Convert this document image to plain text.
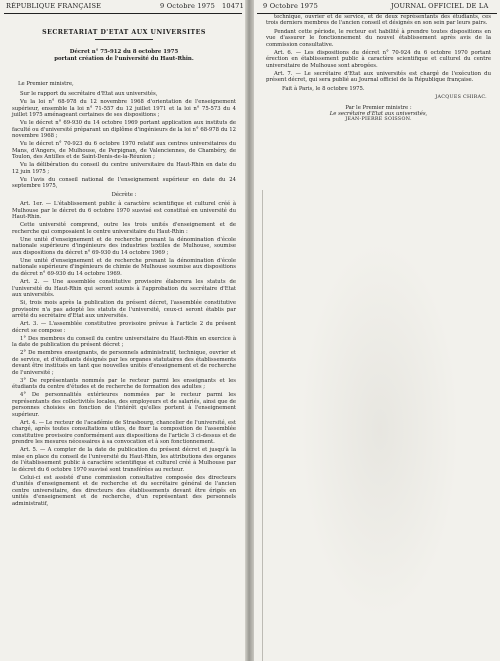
RÉPUBLIQUE FRANÇAISE	9 Octobre 1975 10471
SECRETARIAT D'ETAT AUX UNIVERSITES
Décret n° 75-912 du 8 octobre 1975
portant création de l'université du Haut-Rhin.

Le Premier ministre,

Sur le rapport du secrétaire d'Etat aux universités,

Vu la loi n° 68-978 du 12 novembre 1968 d'orientation de l'enseignement supérieur, ensemble la loi n° 71-557 du 12 juillet 1971 et la loi n° 75-573 du 4 juillet 1975 aménageant certaines de ses dispositions ;

Vu le décret n° 69-930 du 14 octobre 1969 portant application aux instituts de faculté ou d'université préparant un diplôme d'ingénieurs de la loi n° 68-978 du 12 novembre 1968 ;

Vu le décret n° 70-923 du 6 octobre 1970 relatif aux centres universitaires du Mans, d'Angers, de Mulhouse, de Perpignan, de Valenciennes, de Chambéry, de Toulon, des Antilles et de Saint-Denis-de-la-Réunion ;

Vu la délibération du conseil du centre universitaire du Haut-Rhin en date du 12 juin 1975 ;

Vu l'avis du conseil national de l'enseignement supérieur en date du 24 septembre 1975,

Décrète :

Art. 1er. — L'établissement public à caractère scientifique et culturel créé à Mulhouse par le décret du 6 octobre 1970 susvisé est constitué en université du Haut-Rhin.

Cette université comprend, outre les trois unités d'enseignement et de recherche qui composaient le centre universitaire du Haut-Rhin :

Une unité d'enseignement et de recherche prenant la dénomination d'école nationale supérieure d'ingénieurs des industries textiles de Mulhouse, soumise aux dispositions du décret n° 69-930 du 14 octobre 1969 ;

Une unité d'enseignement et de recherche prenant la dénomination d'école nationale supérieure d'ingénieurs de chimie de Mulhouse soumise aux dispositions du décret n° 69-930 du 14 octobre 1969.

Art. 2. — Une assemblée constitutive provisoire élaborera les statuts de l'université du Haut-Rhin qui seront soumis à l'approbation du secrétaire d'Etat aux universités.

Si, trois mois après la publication du présent décret, l'assemblée constitutive provisoire n'a pas adopté les statuts de l'université, ceux-ci seront établis par arrêté du secrétaire d'Etat aux universités.

Art. 3. — L'assemblée constitutive provisoire prévue à l'article 2 du présent décret se compose :

1° Des membres du conseil du centre universitaire du Haut-Rhin en exercice à la date de publication du présent décret ;

2° De membres enseignants, de personnels administratif, technique, ouvrier et de service, et d'étudiants désignés par les organes statutaires des établissements devant être institués en tant que nouvelles unités d'enseignement et de recherche de l'université ;

3° De représentants nommés par le recteur parmi les enseignants et les étudiants du centre d'études et de recherche de formation des adultes ;

4° De personnalités extérieures nommées par le recteur parmi les représentants des collectivités locales, des employeurs et de salariés, ainsi que de personnes choisies en fonction de l'intérêt qu'elles portent à l'enseignement supérieur.

Art. 4. — Le recteur de l'académie de Strasbourg, chancelier de l'université, est chargé, après toutes consultations utiles, de fixer la composition de l'assemblée constitutive provisoire conformément aux dispositions de l'article 3 ci-dessus et de prendre les mesures nécessaires à sa convocation et à son fonctionnement.

Art. 5. — A compter de la date de publication du présent décret et jusqu'à la mise en place du conseil de l'université du Haut-Rhin, les attributions des organes de l'établissement public à caractère scientifique et culturel créé à Mulhouse par le décret du 6 octobre 1970 susvisé sont transférées au recteur.

Celui-ci est assisté d'une commission consultative composée des directeurs d'unités d'enseignement et de recherche et du secrétaire général de l'ancien centre universitaire, des directeurs des établissements devant être érigés en unités d'enseignement et de recherche, d'un représentant des personnels administratif,

9 Octobre 1975	JOURNAL OFFICIEL DE LA

technique, ouvrier et de service, et de deux représentants des étudiants, ces trois derniers membres de l'ancien conseil et désignés en son sein par leurs pairs.

Pendant cette période, le recteur est habilité à prendre toutes dispositions en vue d'assurer le fonctionnement du nouvel établissement après avis de la commission consultative.

Art. 6. — Les dispositions du décret n° 70-924 du 6 octobre 1970 portant érection en établissement public à caractère scientifique et culturel du centre universitaire de Mulhouse sont abrogées.

Art. 7. — Le secrétaire d'Etat aux universités est chargé de l'exécution du présent décret, qui sera publié au Journal officiel de la République française.

Fait à Paris, le 8 octobre 1975.

JACQUES CHIRAC.

Par le Premier ministre :

Le secrétaire d'Etat aux universités,

JEAN-PIERRE SOISSON.
